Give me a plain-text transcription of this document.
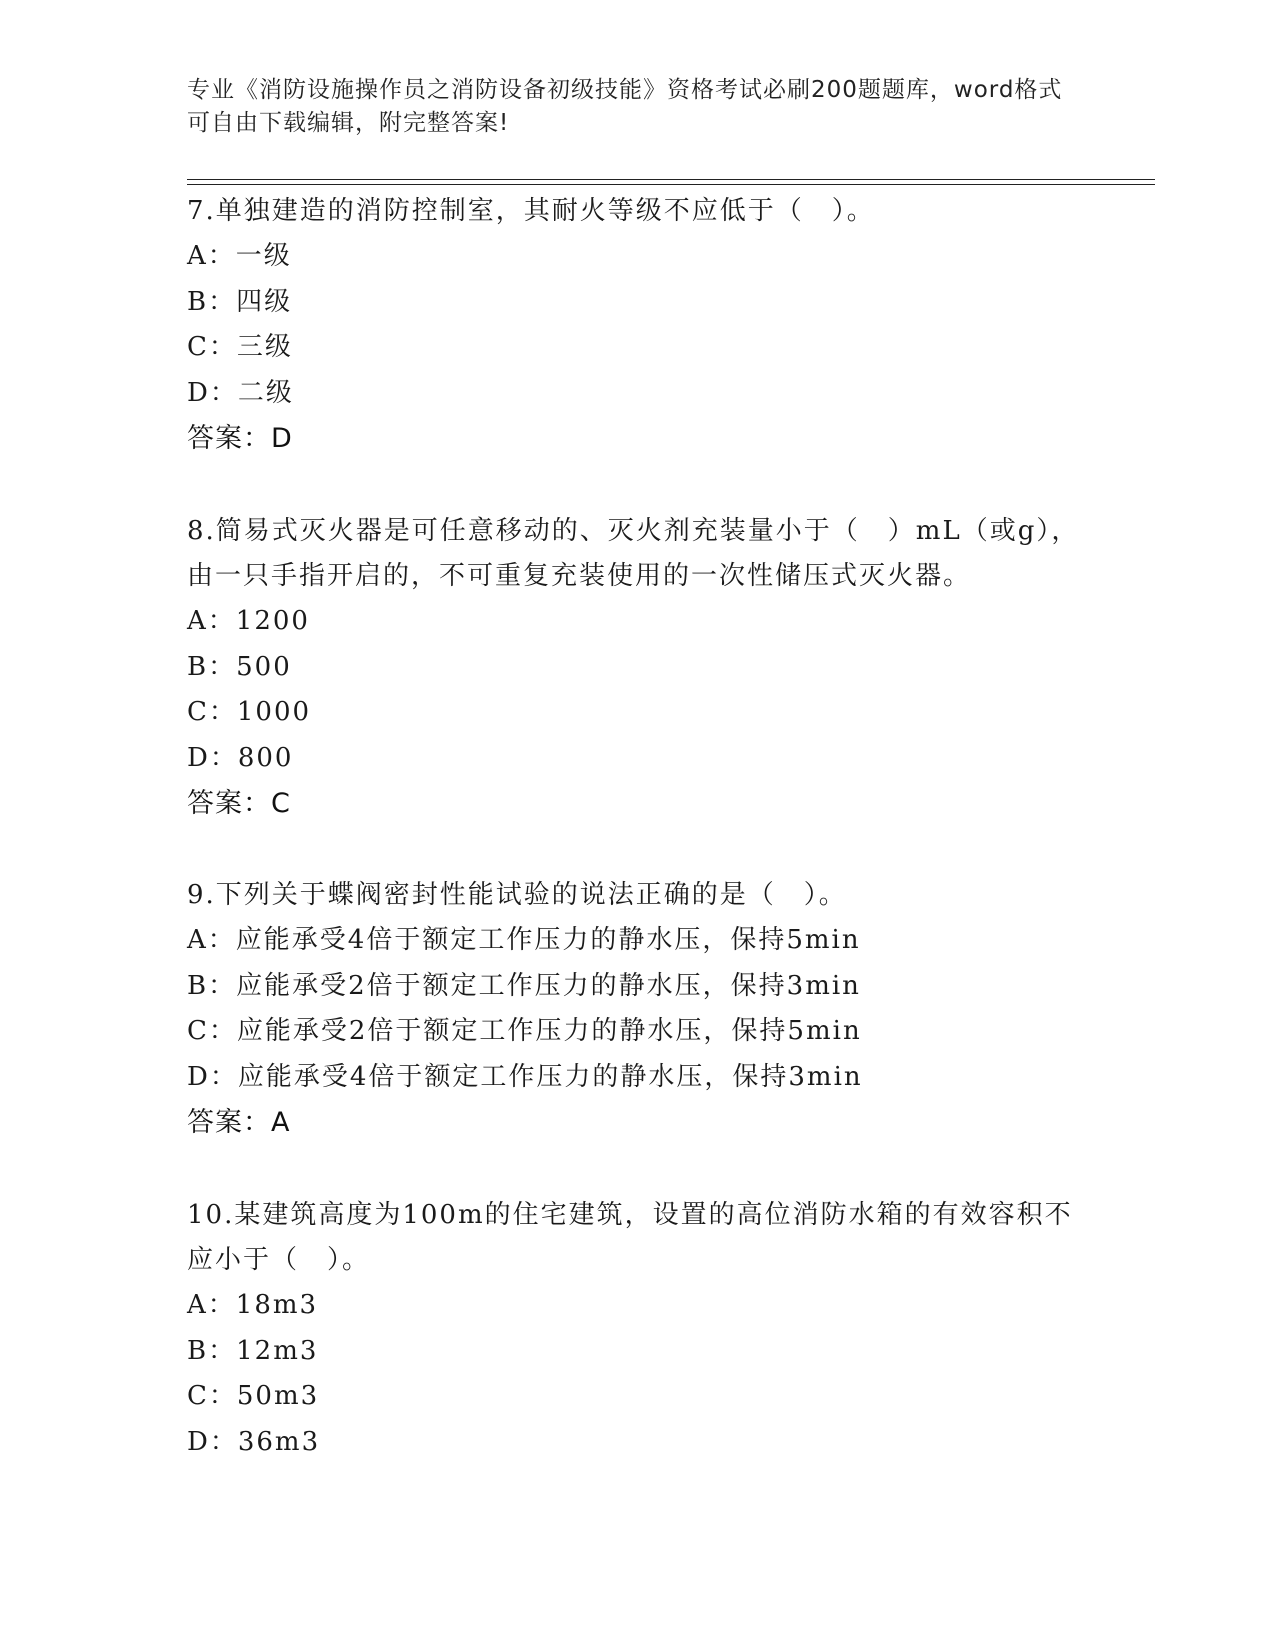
专业《消防设施操作员之消防设备初级技能》资格考试必刷200题题库，word格式可自由下载编辑，附完整答案!
7.单独建造的消防控制室，其耐火等级不应低于（　）。
A：一级
B：四级
C：三级
D：二级
答案：D
8.简易式灭火器是可任意移动的、灭火剂充装量小于（　）mL（或g），由一只手指开启的，不可重复充装使用的一次性储压式灭火器。
A：1200
B：500
C：1000
D：800
答案：C
9.下列关于蝶阀密封性能试验的说法正确的是（　）。
A：应能承受4倍于额定工作压力的静水压，保持5min
B：应能承受2倍于额定工作压力的静水压，保持3min
C：应能承受2倍于额定工作压力的静水压，保持5min
D：应能承受4倍于额定工作压力的静水压，保持3min
答案：A
10.某建筑高度为100m的住宅建筑，设置的高位消防水箱的有效容积不应小于（　）。
A：18m3
B：12m3
C：50m3
D：36m3
